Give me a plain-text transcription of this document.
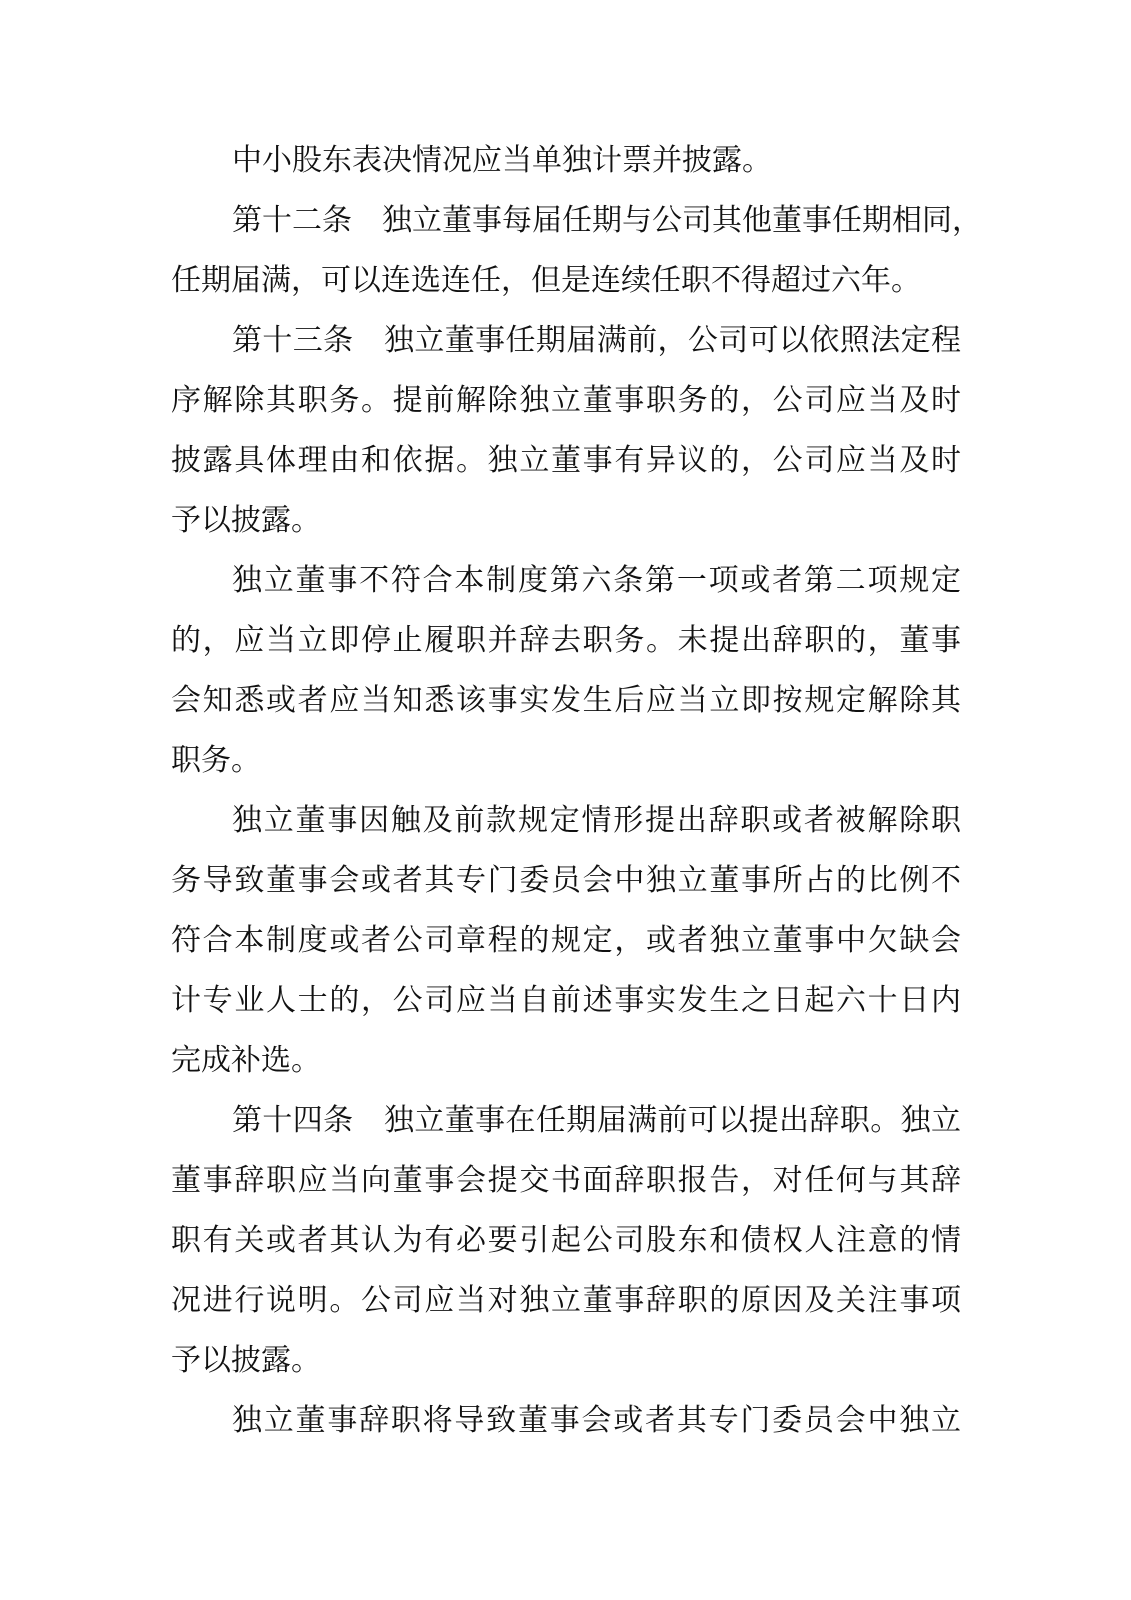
中小股东表决情况应当单独计票并披露。
第十二条　独立董事每届任期与公司其他董事任期相同，
任期届满，可以连选连任，但是连续任职不得超过六年。
第十三条　独立董事任期届满前，公司可以依照法定程
序解除其职务。提前解除独立董事职务的，公司应当及时
披露具体理由和依据。独立董事有异议的，公司应当及时
予以披露。
独立董事不符合本制度第六条第一项或者第二项规定
的，应当立即停止履职并辞去职务。未提出辞职的，董事
会知悉或者应当知悉该事实发生后应当立即按规定解除其
职务。
独立董事因触及前款规定情形提出辞职或者被解除职
务导致董事会或者其专门委员会中独立董事所占的比例不
符合本制度或者公司章程的规定，或者独立董事中欠缺会
计专业人士的，公司应当自前述事实发生之日起六十日内
完成补选。
第十四条　独立董事在任期届满前可以提出辞职。独立
董事辞职应当向董事会提交书面辞职报告，对任何与其辞
职有关或者其认为有必要引起公司股东和债权人注意的情
况进行说明。公司应当对独立董事辞职的原因及关注事项
予以披露。
独立董事辞职将导致董事会或者其专门委员会中独立
